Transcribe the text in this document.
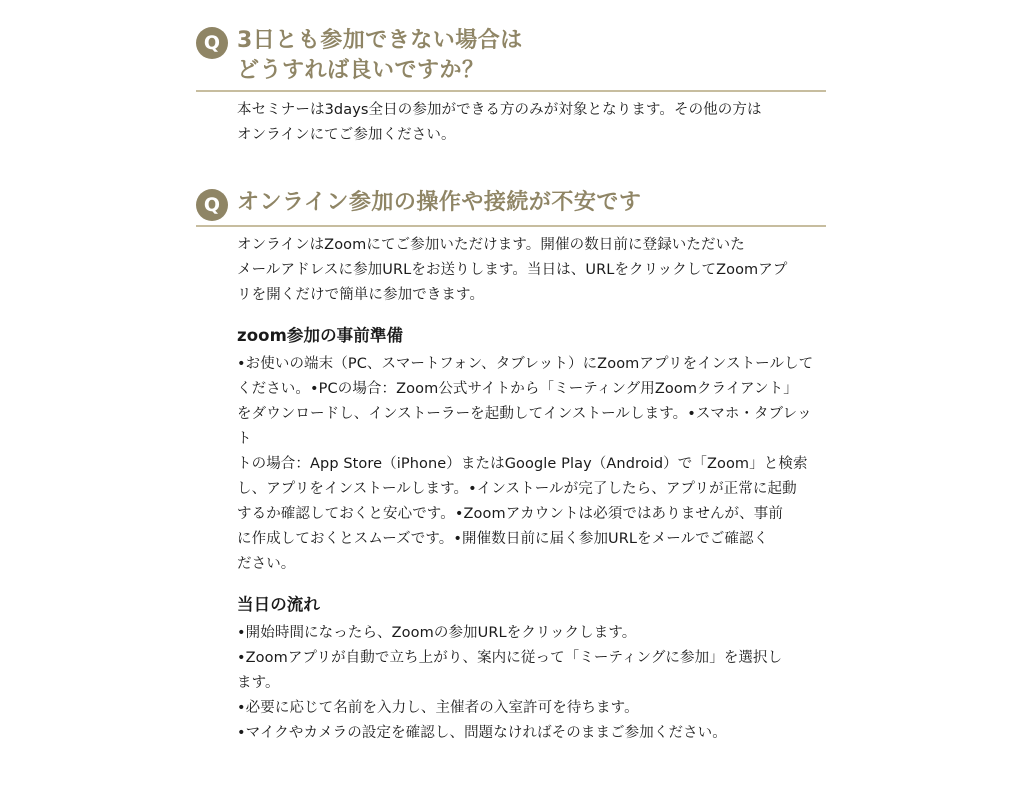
Q 3日とも参加できない場合は
どうすれば良いですか？

本セミナーは3days全日の参加ができる方のみが対象となります。その他の方は

オンラインにてご参加ください。

Q オンライン参加の操作や接続が不安です

オンラインはZoomにてご参加いただけます。開催の数日前に登録いただいた

メールアドレスに参加URLをお送りします。当日は、URLをクリックしてZoomアプ

リを開くだけで簡単に参加できます。

zoom参加の事前準備

•お使いの端末（PC、スマートフォン、タブレット）にZoomアプリをインストールして

ください。•PCの場合：Zoom公式サイトから「ミーティング用Zoomクライアント」

をダウンロードし、インストーラーを起動してインストールします。•スマホ・タブレット

トの場合：App Store（iPhone）またはGoogle Play（Android）で「Zoom」と検索

し、アプリをインストールします。•インストールが完了したら、アプリが正常に起動

するか確認しておくと安心です。•Zoomアカウントは必須ではありませんが、事前

に作成しておくとスムーズです。•開催数日前に届く参加URLをメールでご確認く

ださい。

当日の流れ
•開始時間になったら、Zoomの参加URLをクリックします。
•Zoomアプリが自動で立ち上がり、案内に従って「ミーティングに参加」を選択し
ます。
•必要に応じて名前を入力し、主催者の入室許可を待ちます。
•マイクやカメラの設定を確認し、問題なければそのままご参加ください。
